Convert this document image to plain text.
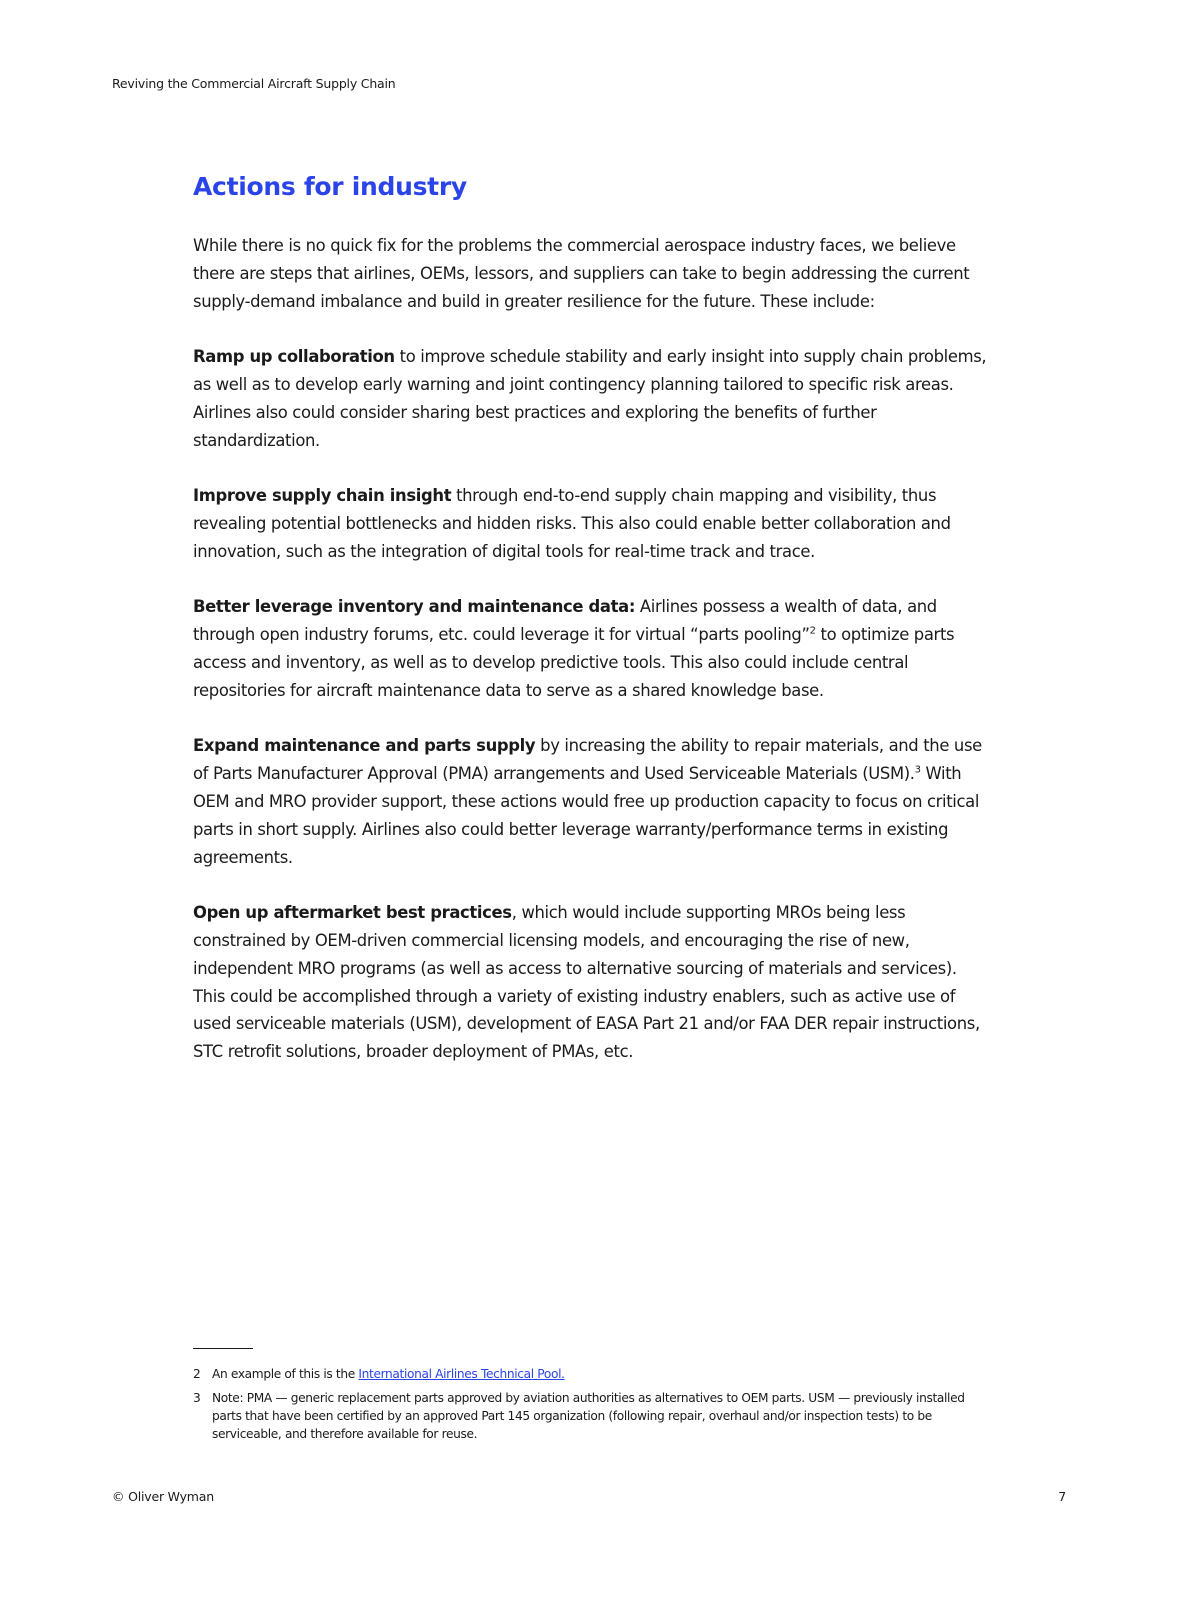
Reviving the Commercial Aircraft Supply Chain
Actions for industry

While there is no quick fix for the problems the commercial aerospace industry faces, we believe there are steps that airlines, OEMs, lessors, and suppliers can take to begin addressing the current supply-demand imbalance and build in greater resilience for the future. These include:

Ramp up collaboration to improve schedule stability and early insight into supply chain problems, as well as to develop early warning and joint contingency planning tailored to specific risk areas. Airlines also could consider sharing best practices and exploring the benefits of further standardization.

Improve supply chain insight through end-to-end supply chain mapping and visibility, thus revealing potential bottlenecks and hidden risks. This also could enable better collaboration and innovation, such as the integration of digital tools for real-time track and trace.

Better leverage inventory and maintenance data: Airlines possess a wealth of data, and through open industry forums, etc. could leverage it for virtual “parts pooling”$^2$ to optimize parts access and inventory, as well as to develop predictive tools. This also could include central repositories for aircraft maintenance data to serve as a shared knowledge base.

Expand maintenance and parts supply by increasing the ability to repair materials, and the use of Parts Manufacturer Approval (PMA) arrangements and Used Serviceable Materials (USM).$^3$ With OEM and MRO provider support, these actions would free up production capacity to focus on critical parts in short supply. Airlines also could better leverage warranty/performance terms in existing agreements.

Open up aftermarket best practices, which would include supporting MROs being less constrained by OEM-driven commercial licensing models, and encouraging the rise of new, independent MRO programs (as well as access to alternative sourcing of materials and services). This could be accomplished through a variety of existing industry enablers, such as active use of used serviceable materials (USM), development of EASA Part 21 and/or FAA DER repair instructions, STC retrofit solutions, broader deployment of PMAs, etc.

2 An example of this is the International Airlines Technical Pool.
3 Note: PMA — generic replacement parts approved by aviation authorities as alternatives to OEM parts. USM — previously installed parts that have been certified by an approved Part 145 organization (following repair, overhaul and/or inspection tests) to be serviceable, and therefore available for reuse.
© Oliver Wyman	7
